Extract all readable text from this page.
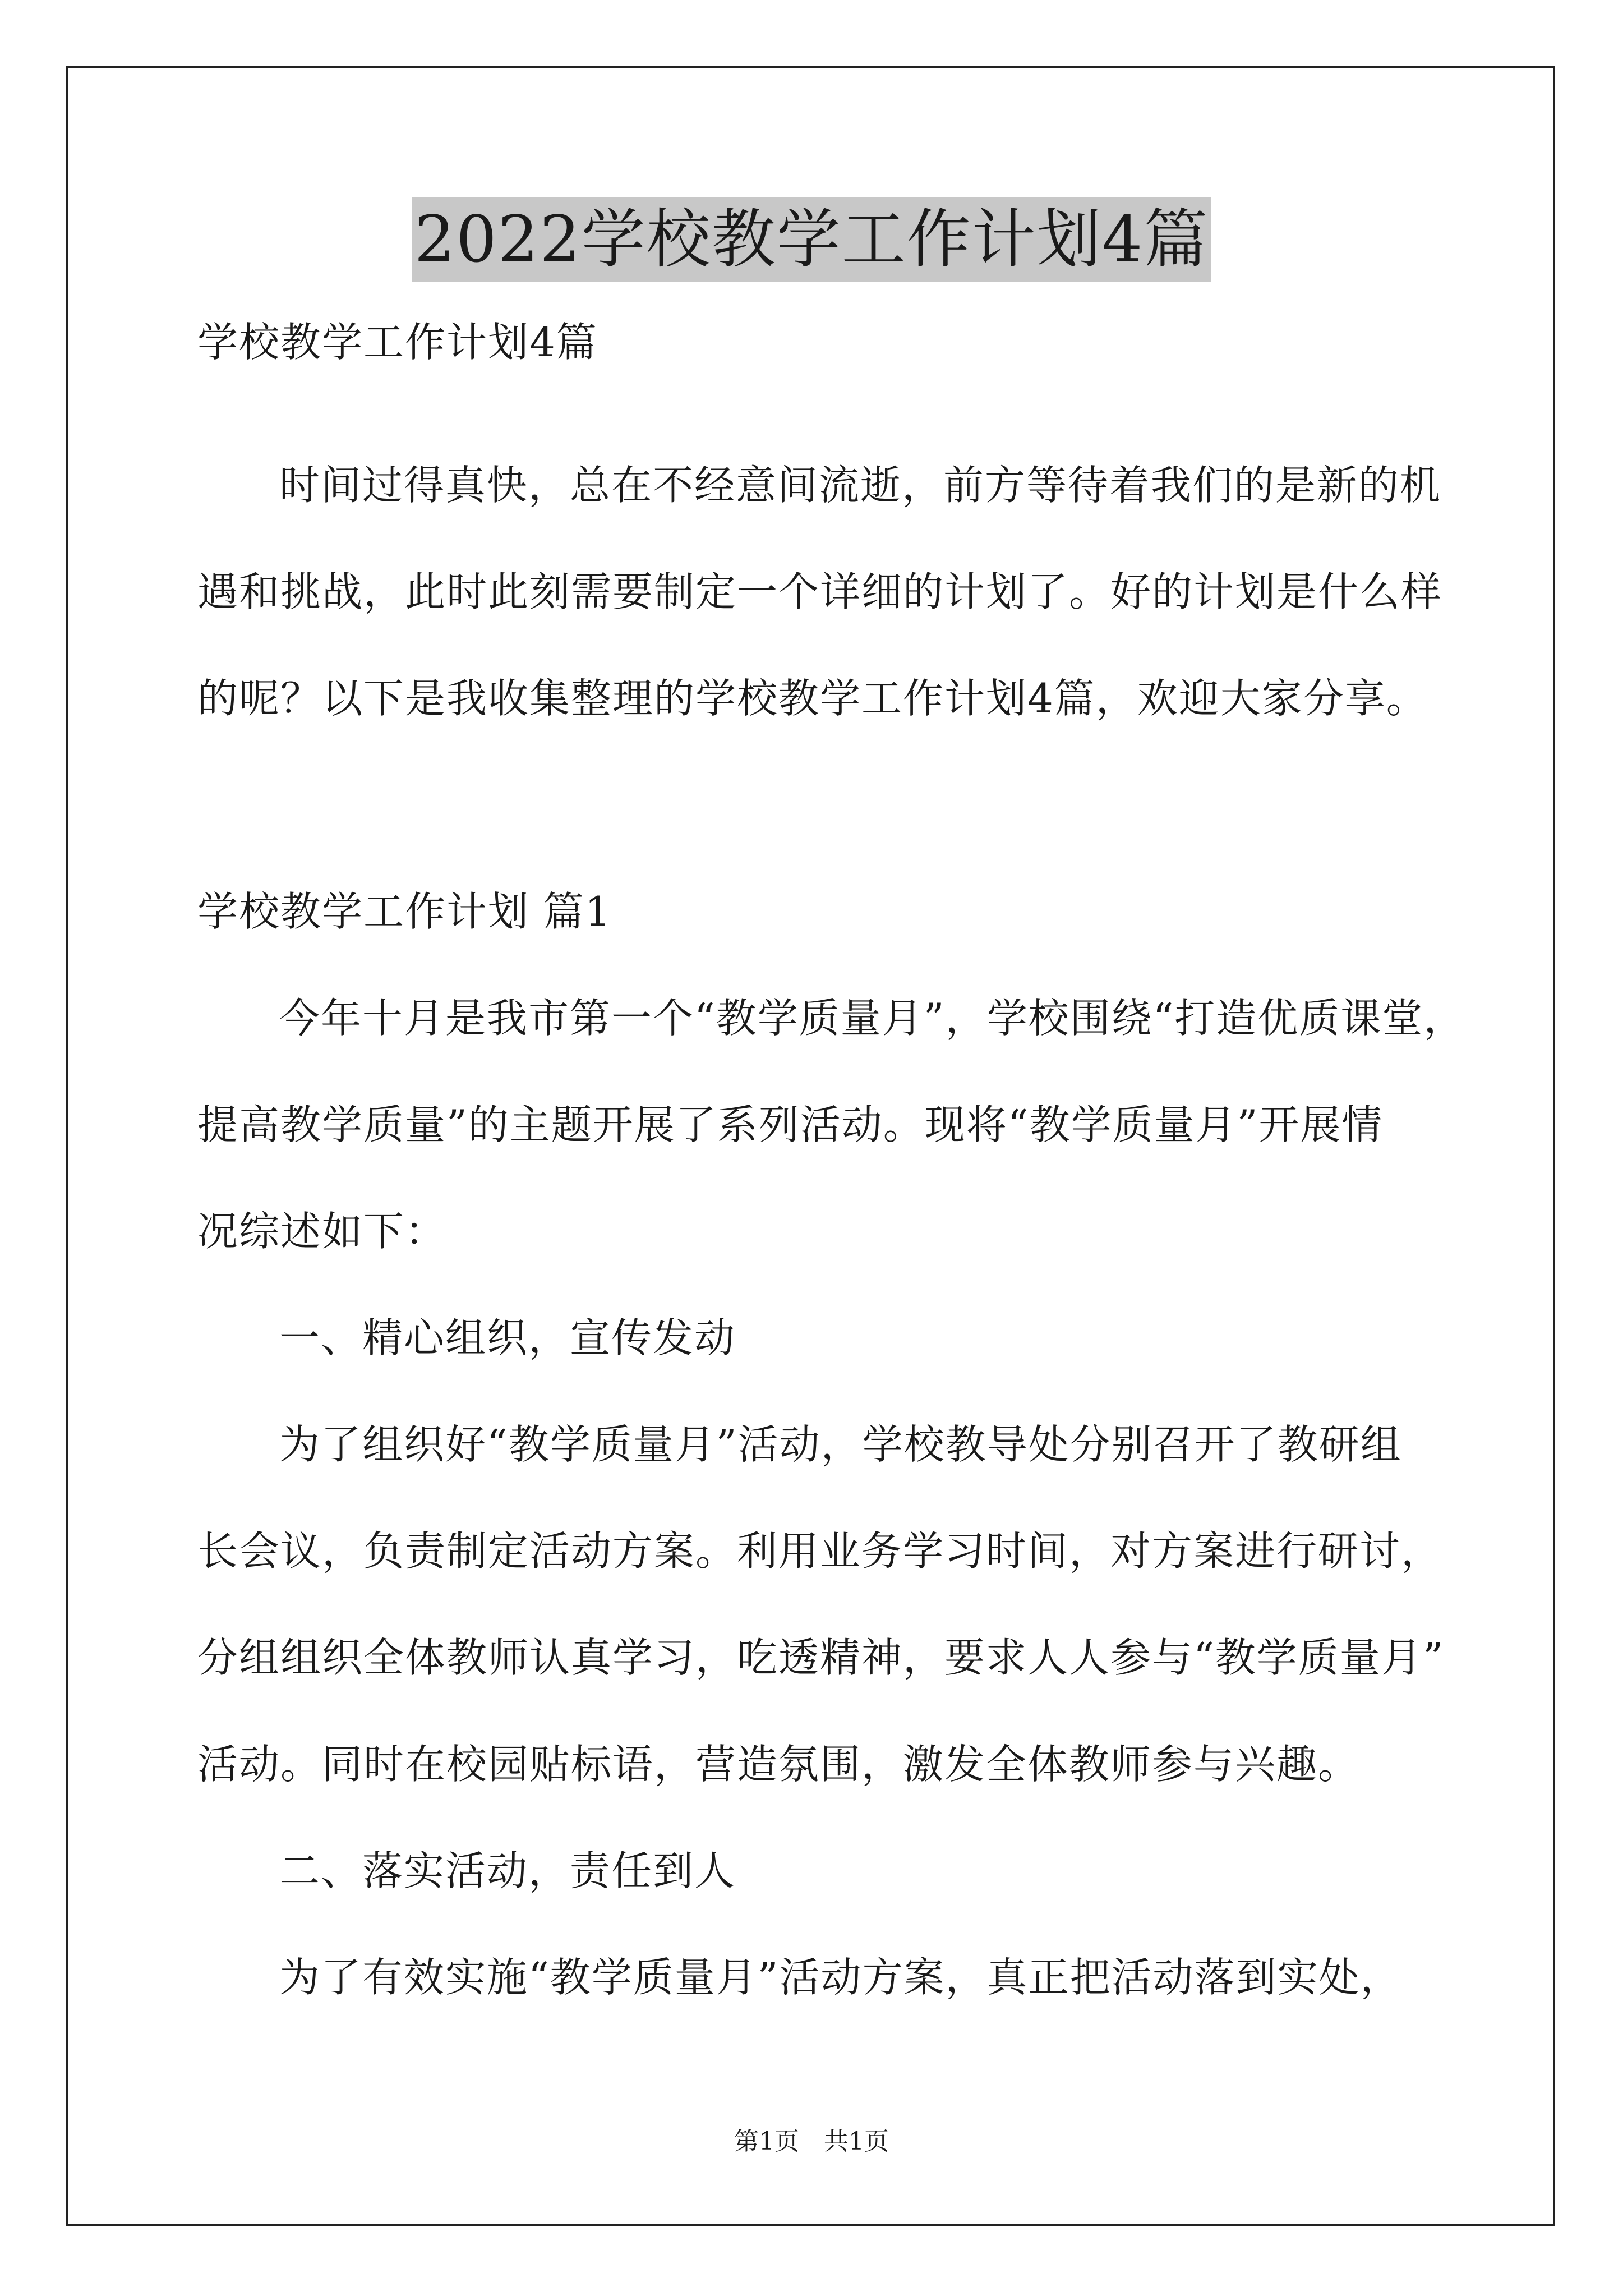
2022学校教学工作计划4篇
学校教学工作计划4篇
时间过得真快，总在不经意间流逝，前方等待着我们的是新的机
遇和挑战，此时此刻需要制定一个详细的计划了。好的计划是什么样
的呢？以下是我收集整理的学校教学工作计划4篇，欢迎大家分享。
学校教学工作计划 篇1
今年十月是我市第一个“教学质量月”，学校围绕“打造优质课堂，
提高教学质量”的主题开展了系列活动。现将“教学质量月”开展情
况综述如下：
一、精心组织，宣传发动
为了组织好“教学质量月”活动，学校教导处分别召开了教研组
长会议，负责制定活动方案。利用业务学习时间，对方案进行研讨，
分组组织全体教师认真学习，吃透精神，要求人人参与“教学质量月”
活动。同时在校园贴标语，营造氛围，激发全体教师参与兴趣。
二、落实活动，责任到人
为了有效实施“教学质量月”活动方案，真正把活动落到实处，
第1页　共1页
